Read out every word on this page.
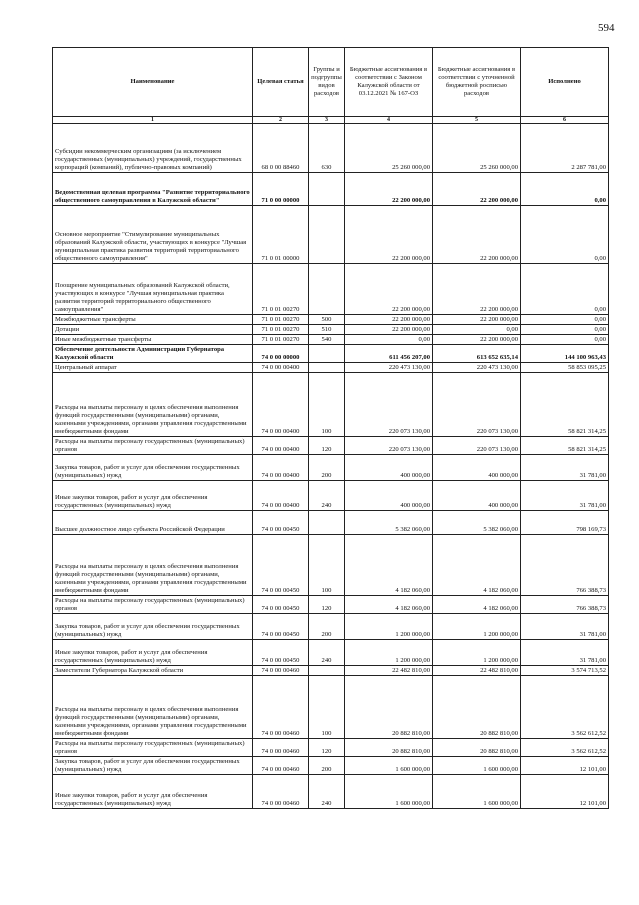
594
Наименование	Целевая статья	Группы и подгруппы видов расходов	Бюджетные ассигнования в соответствии с Законом Калужской области от 03.12.2021 № 167-ОЗ	Бюджетные ассигнования в соответствии с уточненной бюджетной росписью расходов	Исполнено
1	2	3	4	5	6
Субсидии некоммерческим организациям (за исключением государственных (муниципальных) учреждений, государственных корпораций (компаний), публично-правовых компаний)	68 0 00 88460	630	25 260 000,00	25 260 000,00	2 287 781,00
Ведомственная целевая программа "Развитие территориального общественного самоуправления в Калужской области"	71 0 00 00000		22 200 000,00	22 200 000,00	0,00
Основное мероприятие "Стимулирование муниципальных образований Калужской области, участвующих в конкурсе "Лучшая муниципальная практика развития территорий территориального общественного самоуправления"	71 0 01 00000		22 200 000,00	22 200 000,00	0,00
Поощрение муниципальных образований Калужской области, участвующих в конкурсе "Лучшая муниципальная практика развития территорий территориального общественного самоуправления"	71 0 01 00270		22 200 000,00	22 200 000,00	0,00
Межбюджетные трансферты	71 0 01 00270	500	22 200 000,00	22 200 000,00	0,00
Дотации	71 0 01 00270	510	22 200 000,00	0,00	0,00
Иные межбюджетные трансферты	71 0 01 00270	540	0,00	22 200 000,00	0,00
Обеспечение деятельности Администрации Губернатора Калужской области	74 0 00 00000		611 456 207,00	613 652 635,14	144 100 963,43
Центральный аппарат	74 0 00 00400		220 473 130,00	220 473 130,00	58 853 095,25
Расходы на выплаты персоналу в целях обеспечения выполнения функций государственными (муниципальными) органами, казенными учреждениями, органами управления государственными внебюджетными фондами	74 0 00 00400	100	220 073 130,00	220 073 130,00	58 821 314,25
Расходы на выплаты персоналу государственных (муниципальных) органов	74 0 00 00400	120	220 073 130,00	220 073 130,00	58 821 314,25
Закупка товаров, работ и услуг для обеспечения государственных (муниципальных) нужд	74 0 00 00400	200	400 000,00	400 000,00	31 781,00
Иные закупки товаров, работ и услуг для обеспечения государственных (муниципальных) нужд	74 0 00 00400	240	400 000,00	400 000,00	31 781,00
Высшее должностное лицо субъекта Российской Федерации	74 0 00 00450		5 382 060,00	5 382 060,00	798 169,73
Расходы на выплаты персоналу в целях обеспечения выполнения функций государственными (муниципальными) органами, казенными учреждениями, органами управления государственными внебюджетными фондами	74 0 00 00450	100	4 182 060,00	4 182 060,00	766 388,73
Расходы на выплаты персоналу государственных (муниципальных) органов	74 0 00 00450	120	4 182 060,00	4 182 060,00	766 388,73
Закупка товаров, работ и услуг для обеспечения государственных (муниципальных) нужд	74 0 00 00450	200	1 200 000,00	1 200 000,00	31 781,00
Иные закупки товаров, работ и услуг для обеспечения государственных (муниципальных) нужд	74 0 00 00450	240	1 200 000,00	1 200 000,00	31 781,00
Заместители Губернатора Калужской области	74 0 00 00460		22 482 810,00	22 482 810,00	3 574 713,52
Расходы на выплаты персоналу в целях обеспечения выполнения функций государственными (муниципальными) органами, казенными учреждениями, органами управления государственными внебюджетными фондами	74 0 00 00460	100	20 882 810,00	20 882 810,00	3 562 612,52
Расходы на выплаты персоналу государственных (муниципальных) органов	74 0 00 00460	120	20 882 810,00	20 882 810,00	3 562 612,52
Закупка товаров, работ и услуг для обеспечения государственных (муниципальных) нужд	74 0 00 00460	200	1 600 000,00	1 600 000,00	12 101,00
Иные закупки товаров, работ и услуг для обеспечения государственных (муниципальных) нужд	74 0 00 00460	240	1 600 000,00	1 600 000,00	12 101,00
